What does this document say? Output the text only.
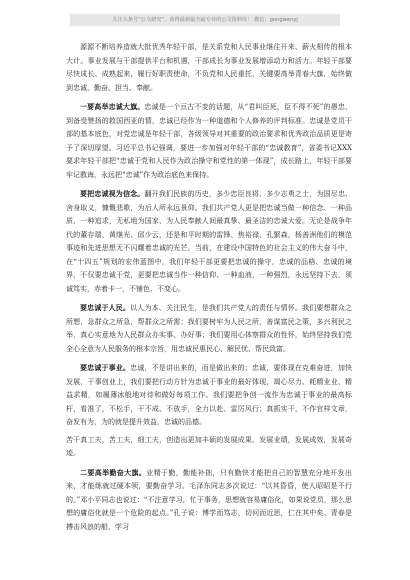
关注头条号“公文研究”，获得最新最全最专业的公文资料库！ 微信：gongwenyj

源源不断培养造就大批优秀年轻干部，是关系党和人民事业继往开来、薪火相传的根本大计。事业发展与干部提供平台和机遇，干部成长为事业发展增添动力和活力。年轻干部要尽快成长、成熟起来，履行好职责使命，不负党和人民重托，关键要高举青春大旗，始终做到忠诚、勤奋、担当、奉献。

一要高举忠诚大旗。忠诚是一个亘古不变的话题，从“君叫臣死，臣不得不死”的愚忠，到备受赞扬的救国西亚的情，忠诚已经作为一种道德和个人修养的评判标准。忠诚是党员干部的基本底色，对党忠诚是年轻干部，各级领导对其重要的政治要求和优秀政治品质更是寄予了深切厚望。习近平总书记强调，要进一步加强对年轻干部的“忠诚教育”，省委书记XXX要求年轻干部把“忠诚于党和人民作为政治操守和党性的第一体现”，成长路上，年轻干部要牢记教诲，永远把“忠诚”作为政治底色来保持。

要把忠诚视为信念。翻开我们民族的历史，多少忠臣良将、多少志勇之士，为国尽忠、舍身取义，慷慨悲歌，为后人所永远景仰。我们共产党人更是把忠诚当做一种信念、一种品质、一种追求，无私地为国家、为人民奉献人间最真挚、最圣洁的忠诚大爱。无论是战争年代的董存瑞、黄继光、邱少云，还是和平时期的雷锋、焦裕禄、孔繁森，杨善洲他们的模范事迹和先进思想无不闪耀着忠诚的光芒。当前，在建设中国特色的社会主义的伟大奋斗中，在“十四五”规划的宏伟蓝图中，我们年轻干部更要把忠诚的操守，忠诚的品格、忠诚的境界，不仅要忠诚于党，更要把忠诚当作一种信仰、一种血液，一种强烈，永远坚持下去，须诚笃实，赤着卡一，不铺色，不变心。

要忠诚于人民。以人为本、关注民生，是我们共产党人的责任与情怀。我们要想群众之所想，急群众之所急，帮群众之所需；我们要树牢为人民之所，善谋富民之策，多兴利民之举，真心实意地为人民群众办实事、办好事；我们要用心体察群众的性怀，始终坚持我们党全心全意为人民服务的根本宗旨，用忠诚民惠民心、解民忧、帮民致富。

要忠诚于事业。忠诚，不是讲出来的，而是做出来的；忠诚，要体现在克难奋进，加快发展，干事创业上，我们要把行动方针为忠诚于事业的最好体现，竭心尽力、耗精业业、精益求精，如履薄冰般地对待和做好每项工作。我们要把争创一流作为忠诚于事业的最高标杆，看准了，不松手，干不成、不放手，全力以赴、雷厉风行；真抓实干，不作官样文章，奋发有为，为的就是提升效益，忠诚的品德。

苦干真工夫，苦工夫，细工夫，创造出更加丰硕的发展成果。发展业绩，发展成效，发展奇迹。

二要高举勤奋大旗。业精于勤，勤能补拙，只有勤快才能把自己的智慧充分地开发出来，才能练就过硬本领，要勤奋学习。毛泽东同志多次说过：“以其昏昏，使人昭昭是不行的。”邓小平同志也说过：“不注意学习，忙于事务，思想就容易庸俗化，如果说党员，那么思想的庸俗化就是一个危险的起点。”孔子说：博学而笃志，切问而近思，仁在其中矣。青春是搏击风浪的船，学习
